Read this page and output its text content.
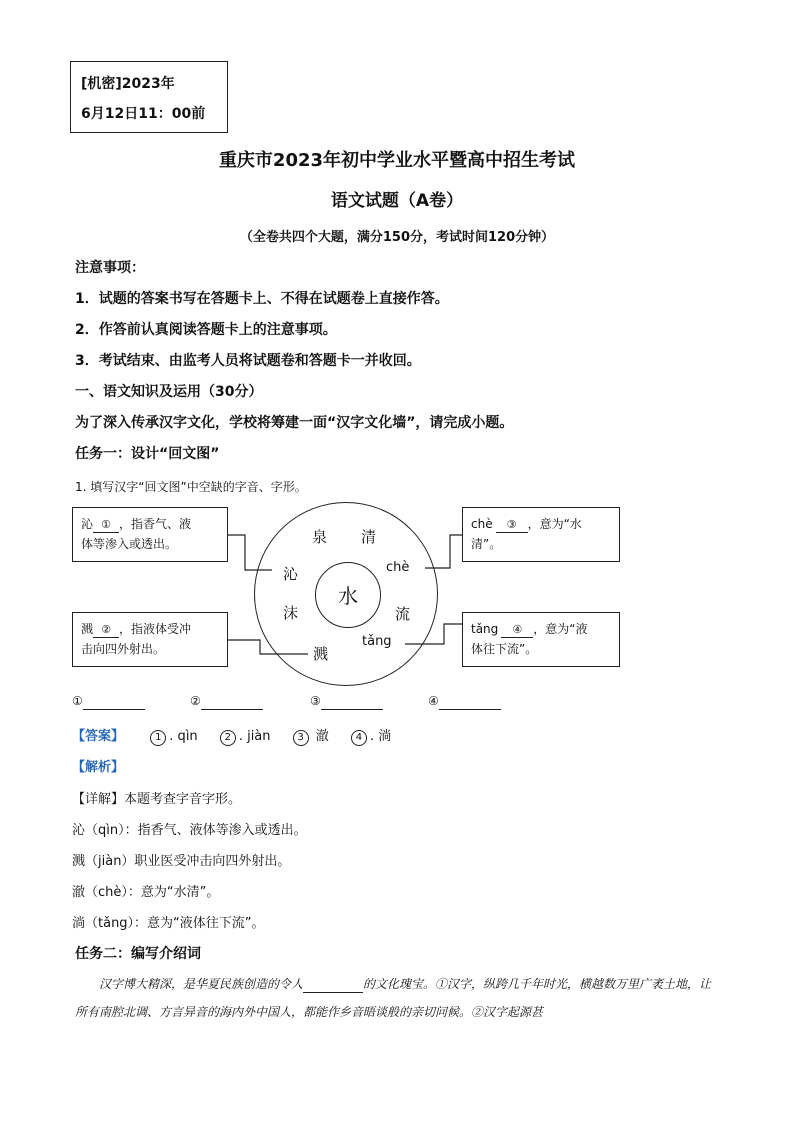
[机密]2023年
6月12日11：00前
重庆市2023年初中学业水平暨高中招生考试
语文试题（A卷）
（全卷共四个大题，满分150分，考试时间120分钟）
注意事项：
1．试题的答案书写在答题卡上、不得在试题卷上直接作答。
2．作答前认真阅读答题卡上的注意事项。
3．考试结束、由监考人员将试题卷和答题卡一并收回。
一、语文知识及运用（30分）
为了深入传承汉字文化，学校将筹建一面“汉字文化墙”，请完成小题。
任务一：设计“回文图”
1. 填写汉字“回文图”中空缺的字音、字形。
水
泉 清
沁	chè
沫	流
溅
tǎng
沁 ① ，指香气、液
体等渗入或透出。
溅 ② ，指液体受冲
击向四外射出。
chè ③ ，意为“水
清”。
tǎng ④ ，意为“液
体往下流”。
①	②	③	④
【答案】	1 . qìn	2 . jiàn	3 澈	4 . 淌
【解析】
【详解】本题考查字音字形。
沁（qìn）：指香气、液体等渗入或透出。
溅（jiàn）职业医受冲击向四外射出。
澈（chè）：意为“水清”。
淌（tǎng）：意为“液体往下流”。
任务二：编写介绍词
汉字博大精深，是华夏民族创造的令人	的文化瑰宝。①汉字，纵跨几千年时光，横越数万里广袤土地，让所有南腔北调、方言异音的海内外中国人，都能作乡音晤谈般的亲切问候。②汉字起源甚
